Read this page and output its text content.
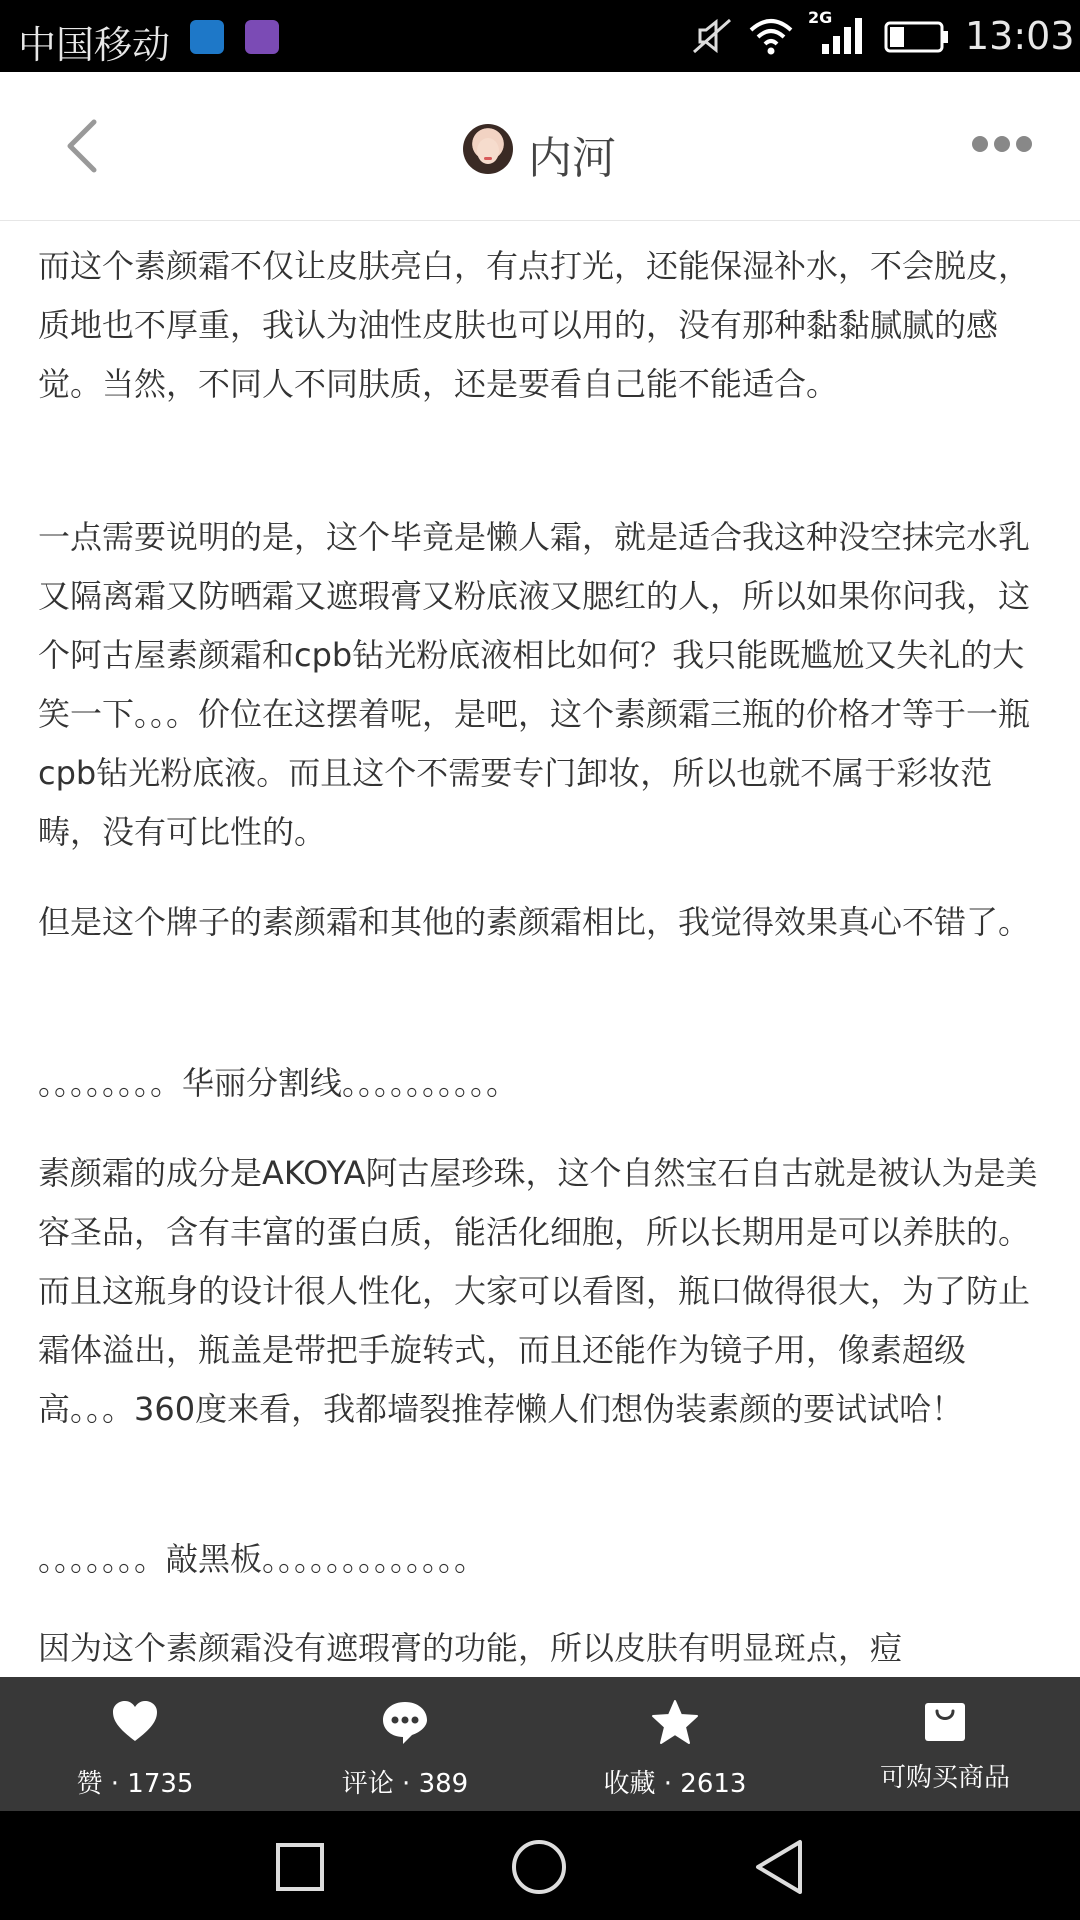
中国移动
2G	13:03
内河

而这个素颜霜不仅让皮肤亮白，有点打光，还能保湿补水，不会脱皮，质地也不厚重，我认为油性皮肤也可以用的，没有那种黏黏腻腻的感觉。当然，不同人不同肤质，还是要看自己能不能适合。

一点需要说明的是，这个毕竟是懒人霜，就是适合我这种没空抹完水乳又隔离霜又防晒霜又遮瑕膏又粉底液又腮红的人，所以如果你问我，这个阿古屋素颜霜和cpb钻光粉底液相比如何？我只能既尴尬又失礼的大笑一下。。。价位在这摆着呢，是吧，这个素颜霜三瓶的价格才等于一瓶cpb钻光粉底液。而且这个不需要专门卸妆，所以也就不属于彩妆范畴，没有可比性的。

但是这个牌子的素颜霜和其他的素颜霜相比，我觉得效果真心不错了。

。。。。。。。。华丽分割线。。。。。。。。。。

素颜霜的成分是AKOYA阿古屋珍珠，这个自然宝石自古就是被认为是美容圣品，含有丰富的蛋白质，能活化细胞，所以长期用是可以养肤的。而且这瓶身的设计很人性化，大家可以看图，瓶口做得很大，为了防止霜体溢出，瓶盖是带把手旋转式，而且还能作为镜子用，像素超级高。。。360度来看，我都墙裂推荐懒人们想伪装素颜的要试试哈！

。。。。。。。敲黑板。。。。。。。。。。。。。

因为这个素颜霜没有遮瑕膏的功能，所以皮肤有明显斑点，痘

赞 · 1735	评论 · 389	收藏 · 2613	可购买商品
